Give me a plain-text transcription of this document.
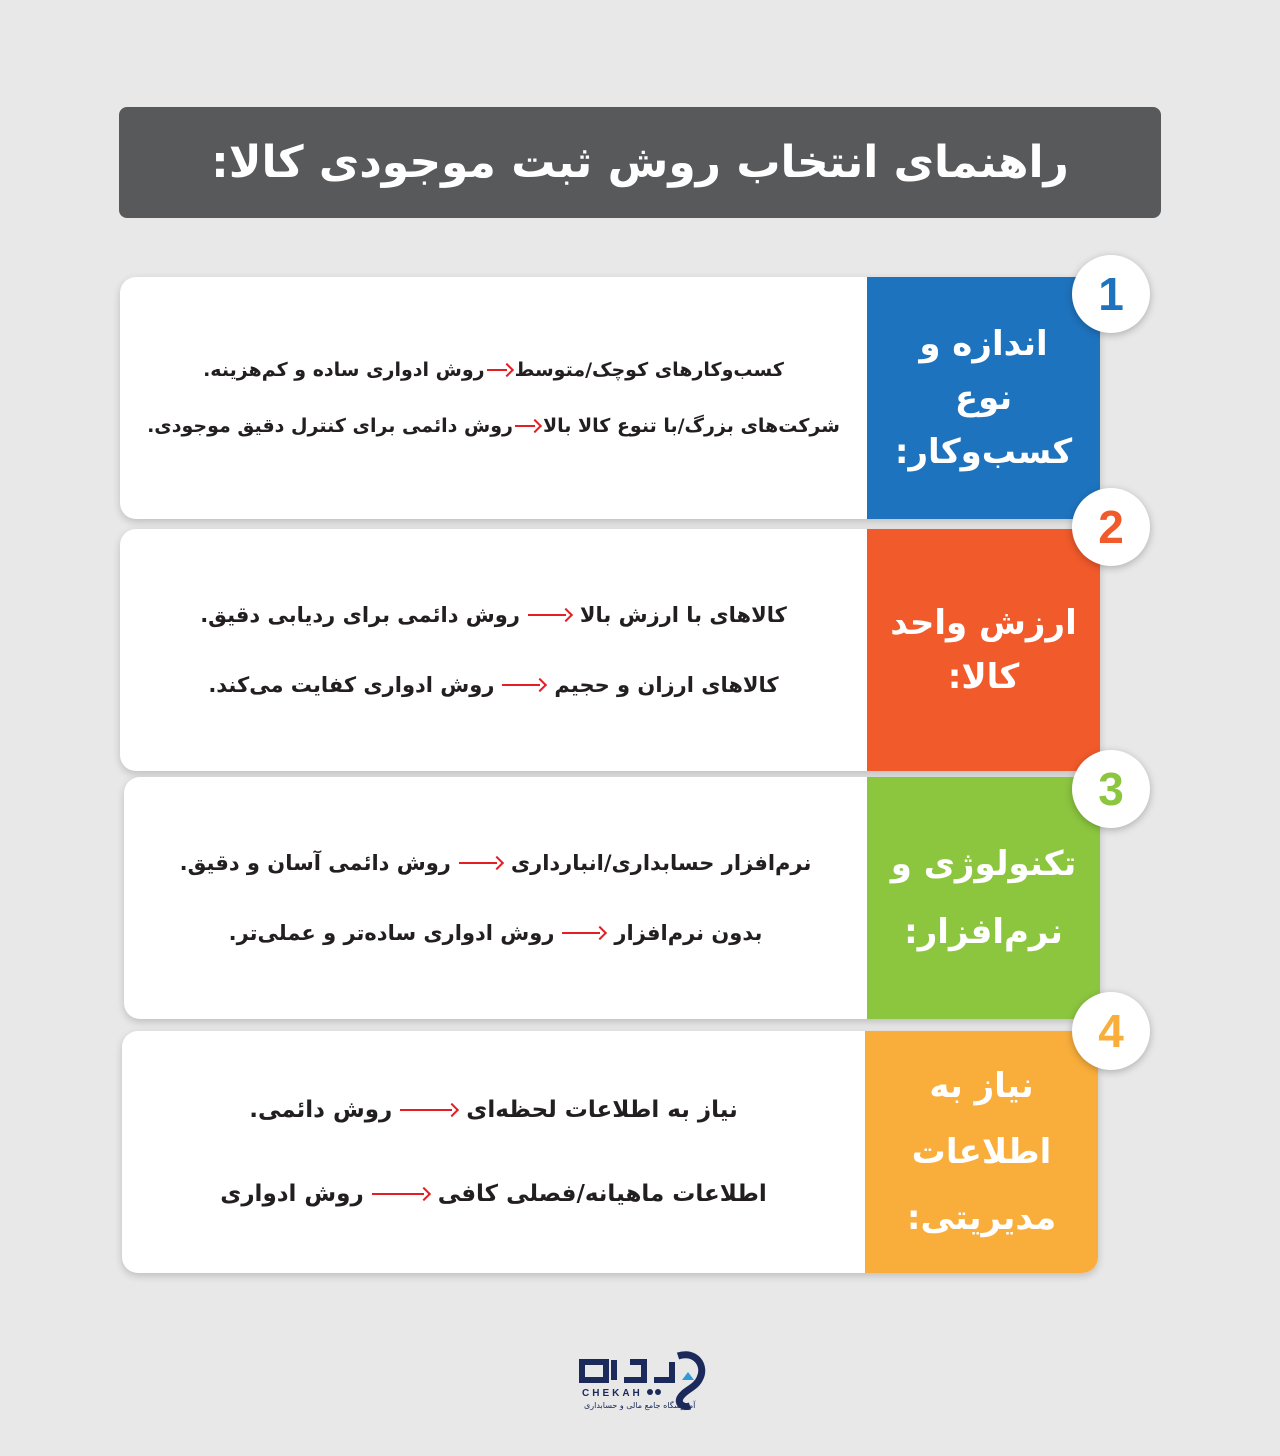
راهنمای انتخاب روش ثبت موجودی کالا:
کسب‌وکارهای کوچک/متوسط
روش ادواری ساده و کم‌هزینه.
شرکت‌های بزرگ/با تنوع کالا بالا
روش دائمی برای کنترل دقیق موجودی.
اندازه و نوع کسب‌وکار:
1
کالاهای با ارزش بالا
روش دائمی برای ردیابی دقیق.
کالاهای ارزان و حجیم
روش ادواری کفایت می‌کند.
ارزش واحد کالا:
2
نرم‌افزار حسابداری/انبارداری
روش دائمی آسان و دقیق.
بدون نرم‌افزار
روش ادواری ساده‌تر و عملی‌تر.
تکنولوژی و نرم‌افزار:
3
نیاز به اطلاعات لحظه‌ای
روش دائمی.
اطلاعات ماهیانه/فصلی کافی
روش ادواری
نیاز به اطلاعات مدیریتی:
4
CHEKAH
آموزشگاه جامع مالی و حسابداری
